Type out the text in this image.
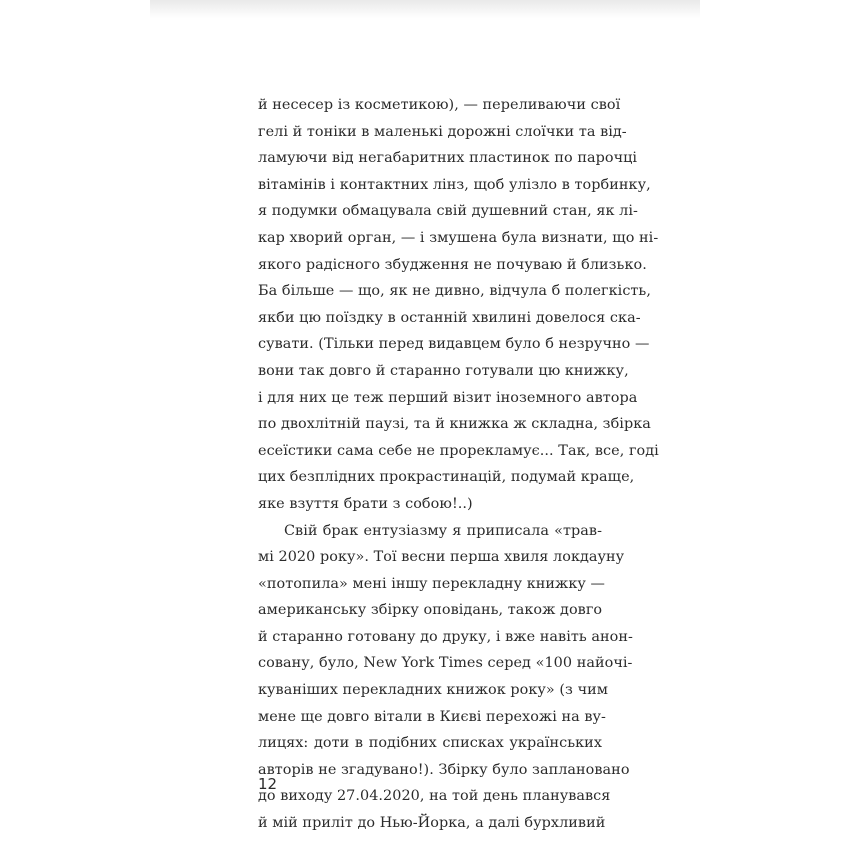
й несесер із косметикою), — переливаючи свої
гелі й тоніки в маленькі дорожні слоїчки та від-
ламуючи від негабаритних пластинок по парочці
вітамінів і контактних лінз, щоб улізло в торбинку,
я подумки обмацувала свій душевний стан, як лі-
кар хворий орган, — і змушена була визнати, що ні-
якого радісного збудження не почуваю й близько.
Ба більше — що, як не дивно, відчула б полегкість,
якби цю поїздку в останній хвилині довелося ска-
сувати. (Тільки перед видавцем було б незручно —
вони так довго й старанно готували цю книжку,
і для них це теж перший візит іноземного автора
по двохлітній паузі, та й книжка ж складна, збірка
есеїстики сама себе не прорекламує... Так, все, годі
цих безплідних прокрастинацій, подумай краще,
яке взуття брати з собою!..)
Свій брак ентузіазму я приписала «трав-
мі 2020 року». Тої весни перша хвиля локдауну
«потопила» мені іншу перекладну книжку —
американську збірку оповідань, також довго
й старанно готовану до друку, і вже навіть анон-
совану, було, New York Times серед «100 найочі-
куваніших перекладних книжок року» (з чим
мене ще довго вітали в Києві перехожі на ву-
лицях: доти в подібних списках українських
авторів не згадувано!). Збірку було заплановано
до виходу 27.04.2020, на той день планувався
й мій приліт до Нью-Йорка, а далі бурхливий
12
